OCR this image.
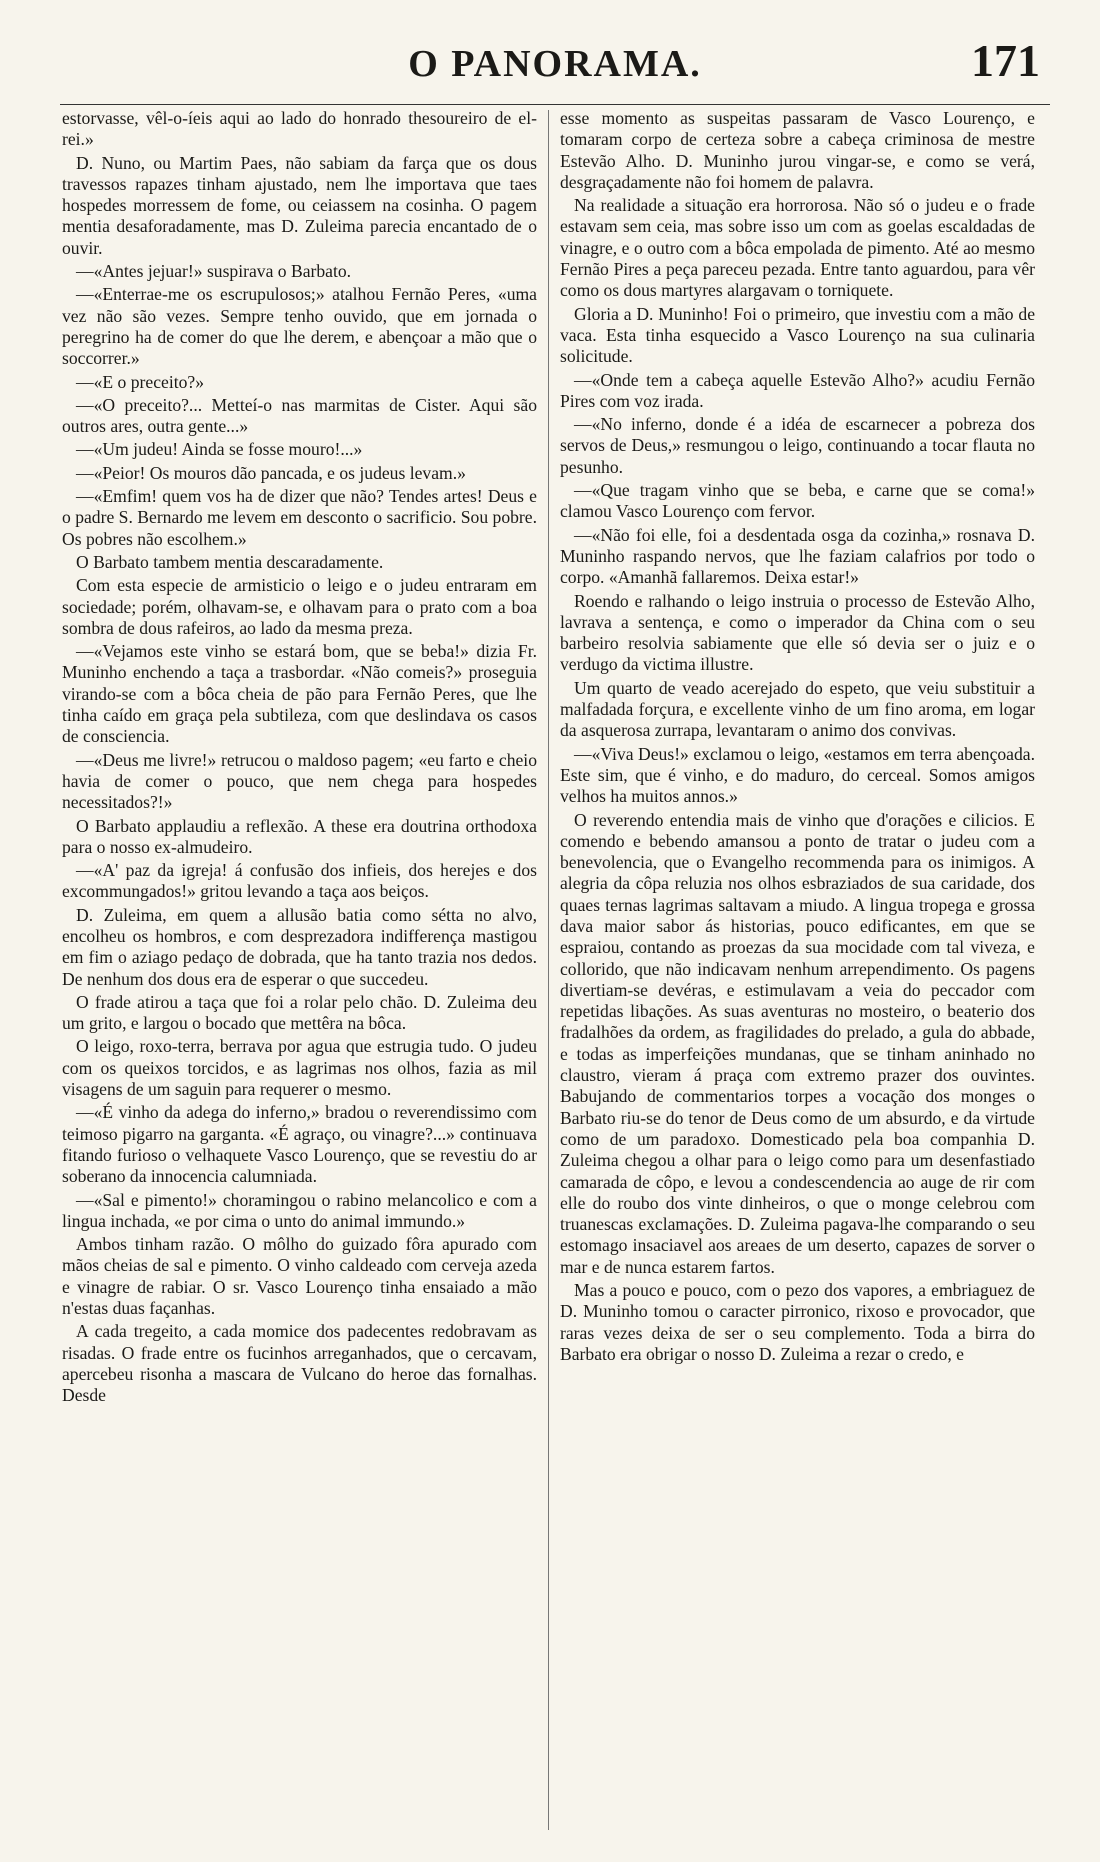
O PANORAMA.	171

estorvasse, vêl-o-íeis aqui ao lado do honrado thesoureiro de el-rei.»

D. Nuno, ou Martim Paes, não sabiam da farça que os dous travessos rapazes tinham ajustado, nem lhe importava que taes hospedes morressem de fome, ou ceiassem na cosinha. O pagem mentia desaforadamente, mas D. Zuleima parecia encantado de o ouvir.

—«Antes jejuar!» suspirava o Barbato.

—«Enterrae-me os escrupulosos;» atalhou Fernão Peres, «uma vez não são vezes. Sempre tenho ouvido, que em jornada o peregrino ha de comer do que lhe derem, e abençoar a mão que o soccorrer.»

—«E o preceito?»

—«O preceito?... Metteí-o nas marmitas de Cister. Aqui são outros ares, outra gente...»

—«Um judeu! Ainda se fosse mouro!...»

—«Peior! Os mouros dão pancada, e os judeus levam.»

—«Emfim! quem vos ha de dizer que não? Tendes artes! Deus e o padre S. Bernardo me levem em desconto o sacrificio. Sou pobre. Os pobres não escolhem.»

O Barbato tambem mentia descaradamente.

Com esta especie de armisticio o leigo e o judeu entraram em sociedade; porém, olhavam-se, e olhavam para o prato com a boa sombra de dous rafeiros, ao lado da mesma preza.

—«Vejamos este vinho se estará bom, que se beba!» dizia Fr. Muninho enchendo a taça a trasbordar. «Não comeis?» proseguia virando-se com a bôca cheia de pão para Fernão Peres, que lhe tinha caído em graça pela subtileza, com que deslindava os casos de consciencia.

—«Deus me livre!» retrucou o maldoso pagem; «eu farto e cheio havia de comer o pouco, que nem chega para hospedes necessitados?!»

O Barbato applaudiu a reflexão. A these era doutrina orthodoxa para o nosso ex-almudeiro.

—«A' paz da igreja! á confusão dos infieis, dos herejes e dos excommungados!» gritou levando a taça aos beiços.

D. Zuleima, em quem a allusão batia como sétta no alvo, encolheu os hombros, e com desprezadora indifferença mastigou em fim o aziago pedaço de dobrada, que ha tanto trazia nos dedos. De nenhum dos dous era de esperar o que succedeu.

O frade atirou a taça que foi a rolar pelo chão. D. Zuleima deu um grito, e largou o bocado que mettêra na bôca.

O leigo, roxo-terra, berrava por agua que estrugia tudo. O judeu com os queixos torcidos, e as lagrimas nos olhos, fazia as mil visagens de um saguin para requerer o mesmo.

—«É vinho da adega do inferno,» bradou o reverendissimo com teimoso pigarro na garganta. «É agraço, ou vinagre?...» continuava fitando furioso o velhaquete Vasco Lourenço, que se revestiu do ar soberano da innocencia calumniada.

—«Sal e pimento!» choramingou o rabino melancolico e com a lingua inchada, «e por cima o unto do animal immundo.»

Ambos tinham razão. O môlho do guizado fôra apurado com mãos cheias de sal e pimento. O vinho caldeado com cerveja azeda e vinagre de rabiar. O sr. Vasco Lourenço tinha ensaiado a mão n'estas duas façanhas.

A cada tregeito, a cada momice dos padecentes redobravam as risadas. O frade entre os fucinhos arreganhados, que o cercavam, apercebeu risonha a mascara de Vulcano do heroe das fornalhas. Desde

esse momento as suspeitas passaram de Vasco Lourenço, e tomaram corpo de certeza sobre a cabeça criminosa de mestre Estevão Alho. D. Muninho jurou vingar-se, e como se verá, desgraçadamente não foi homem de palavra.

Na realidade a situação era horrorosa. Não só o judeu e o frade estavam sem ceia, mas sobre isso um com as goelas escaldadas de vinagre, e o outro com a bôca empolada de pimento. Até ao mesmo Fernão Pires a peça pareceu pezada. Entre tanto aguardou, para vêr como os dous martyres alargavam o torniquete.

Gloria a D. Muninho! Foi o primeiro, que investiu com a mão de vaca. Esta tinha esquecido a Vasco Lourenço na sua culinaria solicitude.

—«Onde tem a cabeça aquelle Estevão Alho?» acudiu Fernão Pires com voz irada.

—«No inferno, donde é a idéa de escarnecer a pobreza dos servos de Deus,» resmungou o leigo, continuando a tocar flauta no pesunho.

—«Que tragam vinho que se beba, e carne que se coma!» clamou Vasco Lourenço com fervor.

—«Não foi elle, foi a desdentada osga da cozinha,» rosnava D. Muninho raspando nervos, que lhe faziam calafrios por todo o corpo. «Amanhã fallaremos. Deixa estar!»

Roendo e ralhando o leigo instruia o processo de Estevão Alho, lavrava a sentença, e como o imperador da China com o seu barbeiro resolvia sabiamente que elle só devia ser o juiz e o verdugo da victima illustre.

Um quarto de veado acerejado do espeto, que veiu substituir a malfadada forçura, e excellente vinho de um fino aroma, em logar da asquerosa zurrapa, levantaram o animo dos convivas.

—«Viva Deus!» exclamou o leigo, «estamos em terra abençoada. Este sim, que é vinho, e do maduro, do cerceal. Somos amigos velhos ha muitos annos.»

O reverendo entendia mais de vinho que d'orações e cilicios. E comendo e bebendo amansou a ponto de tratar o judeu com a benevolencia, que o Evangelho recommenda para os inimigos. A alegria da côpa reluzia nos olhos esbraziados de sua caridade, dos quaes ternas lagrimas saltavam a miudo. A lingua tropega e grossa dava maior sabor ás historias, pouco edificantes, em que se espraiou, contando as proezas da sua mocidade com tal viveza, e collorido, que não indicavam nenhum arrependimento. Os pagens divertiam-se devéras, e estimulavam a veia do peccador com repetidas libações. As suas aventuras no mosteiro, o beaterio dos fradalhões da ordem, as fragilidades do prelado, a gula do abbade, e todas as imperfeições mundanas, que se tinham aninhado no claustro, vieram á praça com extremo prazer dos ouvintes. Babujando de commentarios torpes a vocação dos monges o Barbato riu-se do tenor de Deus como de um absurdo, e da virtude como de um paradoxo. Domesticado pela boa companhia D. Zuleima chegou a olhar para o leigo como para um desenfastiado camarada de côpo, e levou a condescendencia ao auge de rir com elle do roubo dos vinte dinheiros, o que o monge celebrou com truanescas exclamações. D. Zuleima pagava-lhe comparando o seu estomago insaciavel aos areaes de um deserto, capazes de sorver o mar e de nunca estarem fartos.

Mas a pouco e pouco, com o pezo dos vapores, a embriaguez de D. Muninho tomou o caracter pirronico, rixoso e provocador, que raras vezes deixa de ser o seu complemento. Toda a birra do Barbato era obrigar o nosso D. Zuleima a rezar o credo, e
